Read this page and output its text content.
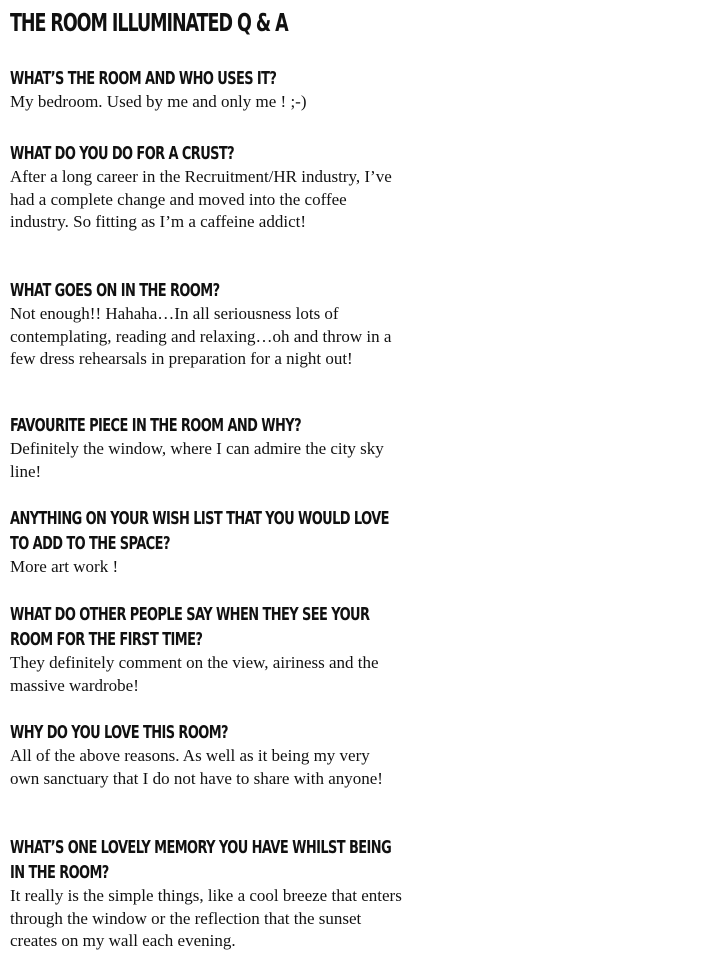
THE ROOM ILLUMINATED Q & A
WHAT’S THE ROOM AND WHO USES IT?

My bedroom. Used by me and only me ! ;-)

WHAT DO YOU DO FOR A CRUST?

After a long career in the Recruitment/HR industry, I’ve had a complete change and moved into the coffee industry. So fitting as I’m a caffeine addict!

WHAT GOES ON IN THE ROOM?

Not enough!! Hahaha…In all seriousness lots of contemplating, reading and relaxing…oh and throw in a few dress rehearsals in preparation for a night out!

FAVOURITE PIECE IN THE ROOM AND WHY?

Definitely the window, where I can admire the city sky line!

ANYTHING ON YOUR WISH LIST THAT YOU WOULD LOVE TO ADD TO THE SPACE?

More art work !

WHAT DO OTHER PEOPLE SAY WHEN THEY SEE YOUR ROOM FOR THE FIRST TIME?

They definitely comment on the view, airiness and the massive wardrobe!

WHY DO YOU LOVE THIS ROOM?

All of the above reasons. As well as it being my very own sanctuary that I do not have to share with anyone!

WHAT’S ONE LOVELY MEMORY YOU HAVE WHILST BEING IN THE ROOM?

It really is the simple things, like a cool breeze that enters through the window or the reflection that the sunset creates on my wall each evening.
